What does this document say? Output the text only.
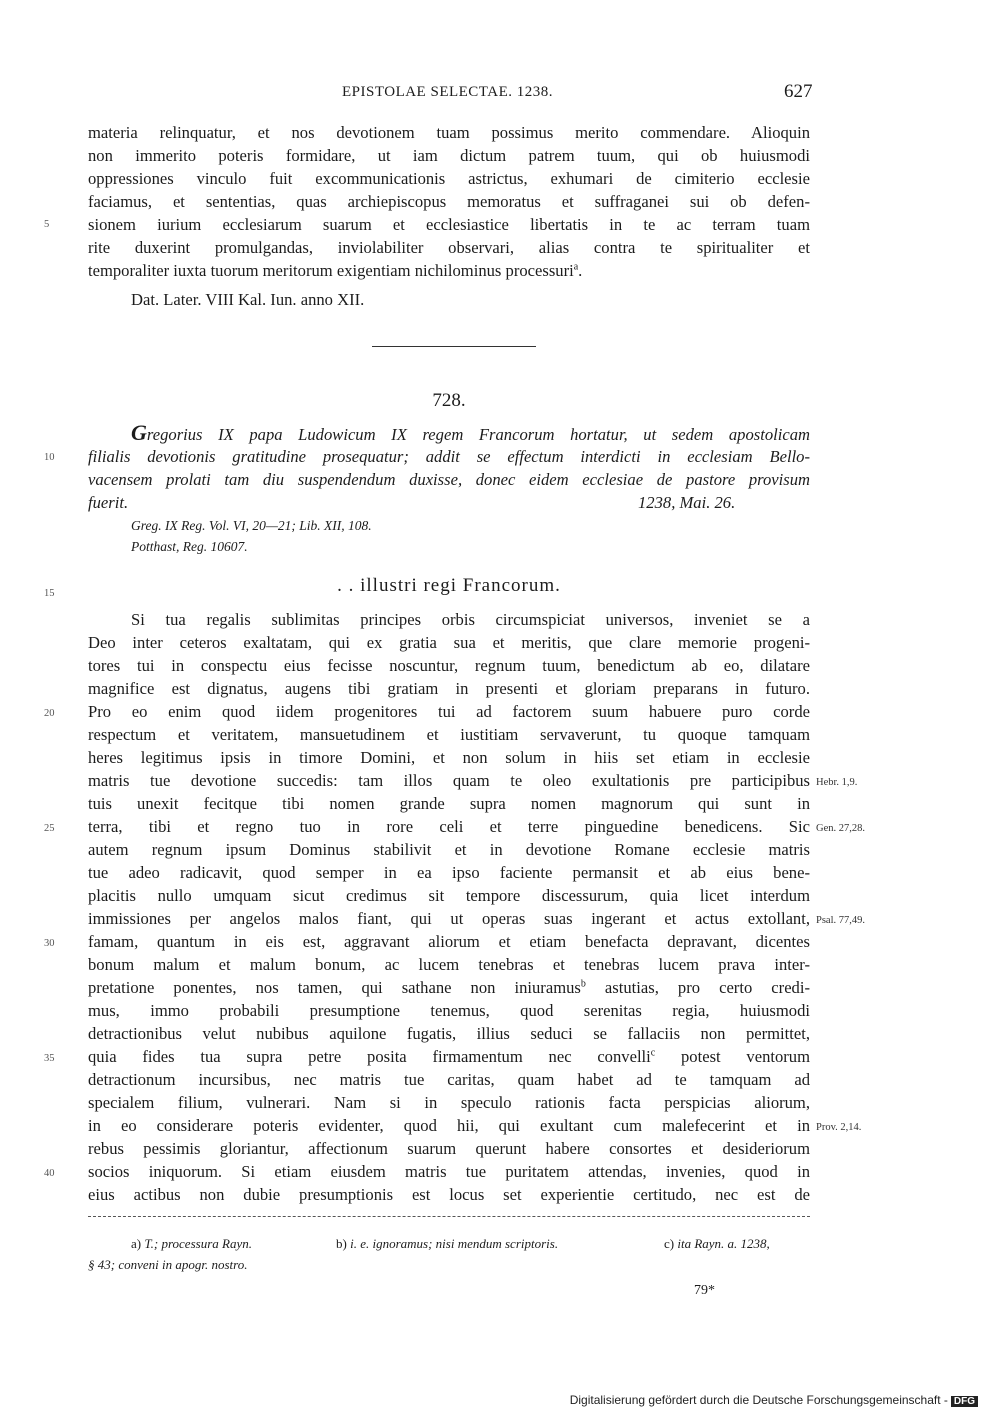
EPISTOLAE SELECTAE. 1238.	627
materia relinquatur, et nos devotionem tuam possimus merito commendare. Alioquin
non immerito poteris formidare, ut iam dictum patrem tuum, qui ob huiusmodi
oppressiones vinculo fuit excommunicationis astrictus, exhumari de cimiterio ecclesie
faciamus, et sententias, quas archiepiscopus memoratus et suffraganei sui ob defen-
sionem iurium ecclesiarum suarum et ecclesiastice libertatis in te ac terram tuam
rite duxerint promulgandas, inviolabiliter observari, alias contra te spiritualiter et
temporaliter iuxta tuorum meritorum exigentiam nichilominus processuri$^a$.
Dat. Later. VIII Kal. Iun. anno XII.
728.
Gregorius IX papa Ludowicum IX regem Francorum hortatur, ut sedem apostolicam
filialis devotionis gratitudine prosequatur; addit se effectum interdicti in ecclesiam Bello-
vacensem prolati tam diu suspendendum duxisse, donec eidem ecclesiae de pastore provisum
fuerit.	1238, Mai. 26.
Greg. IX Reg. Vol. VI, 20—21; Lib. XII, 108.
Potthast, Reg. 10607.
. . illustri regi Francorum.
Si tua regalis sublimitas principes orbis circumspiciat universos, inveniet se a
Deo inter ceteros exaltatam, qui ex gratia sua et meritis, que clare memorie progeni-
tores tui in conspectu eius fecisse noscuntur, regnum tuum, benedictum ab eo, dilatare
magnifice est dignatus, augens tibi gratiam in presenti et gloriam preparans in futuro.
Pro eo enim quod iidem progenitores tui ad factorem suum habuere puro corde
respectum et veritatem, mansuetudinem et iustitiam servaverunt, tu quoque tamquam
heres legitimus ipsis in timore Domini, et non solum in hiis set etiam in ecclesie
matris tue devotione succedis: tam illos quam te oleo exultationis pre participibus
tuis unexit fecitque tibi nomen grande supra nomen magnorum qui sunt in
terra, tibi et regno tuo in rore celi et terre pinguedine benedicens. Sic
autem regnum ipsum Dominus stabilivit et in devotione Romane ecclesie matris
tue adeo radicavit, quod semper in ea ipso faciente permansit et ab eius bene-
placitis nullo umquam sicut credimus sit tempore discessurum, quia licet interdum
immissiones per angelos malos fiant, qui ut operas suas ingerant et actus extollant,
famam, quantum in eis est, aggravant aliorum et etiam benefacta depravant, dicentes
bonum malum et malum bonum, ac lucem tenebras et tenebras lucem prava inter-
pretatione ponentes, nos tamen, qui sathane non iniuramus$^b$ astutias, pro certo credi-
mus, immo probabili presumptione tenemus, quod serenitas regia, huiusmodi
detractionibus velut nubibus aquilone fugatis, illius seduci se fallaciis non permittet,
quia fides tua supra petre posita firmamentum nec convelli$^c$ potest ventorum
detractionum incursibus, nec matris tue caritas, quam habet ad te tamquam ad
specialem filium, vulnerari. Nam si in speculo rationis facta perspicias aliorum,
in eo considerare poteris evidenter, quod hii, qui exultant cum malefecerint et in
rebus pessimis gloriantur, affectionum suarum querunt habere consortes et desideriorum
socios iniquorum. Si etiam eiusdem matris tue puritatem attendas, invenies, quod in
eius actibus non dubie presumptionis est locus set experientie certitudo, nec est de
5
10
15
20
25
30
35
40
Hebr. 1,9.
Gen. 27,28.
Psal. 77,49.
Prov. 2,14.
a) T.; processura Rayn.	b) i. e. ignoramus; nisi mendum scriptoris.	c) ita Rayn. a. 1238,
§ 43; conveni in apogr. nostro.
79*
Digitalisierung gefördert durch die Deutsche Forschungsgemeinschaft - DFG
